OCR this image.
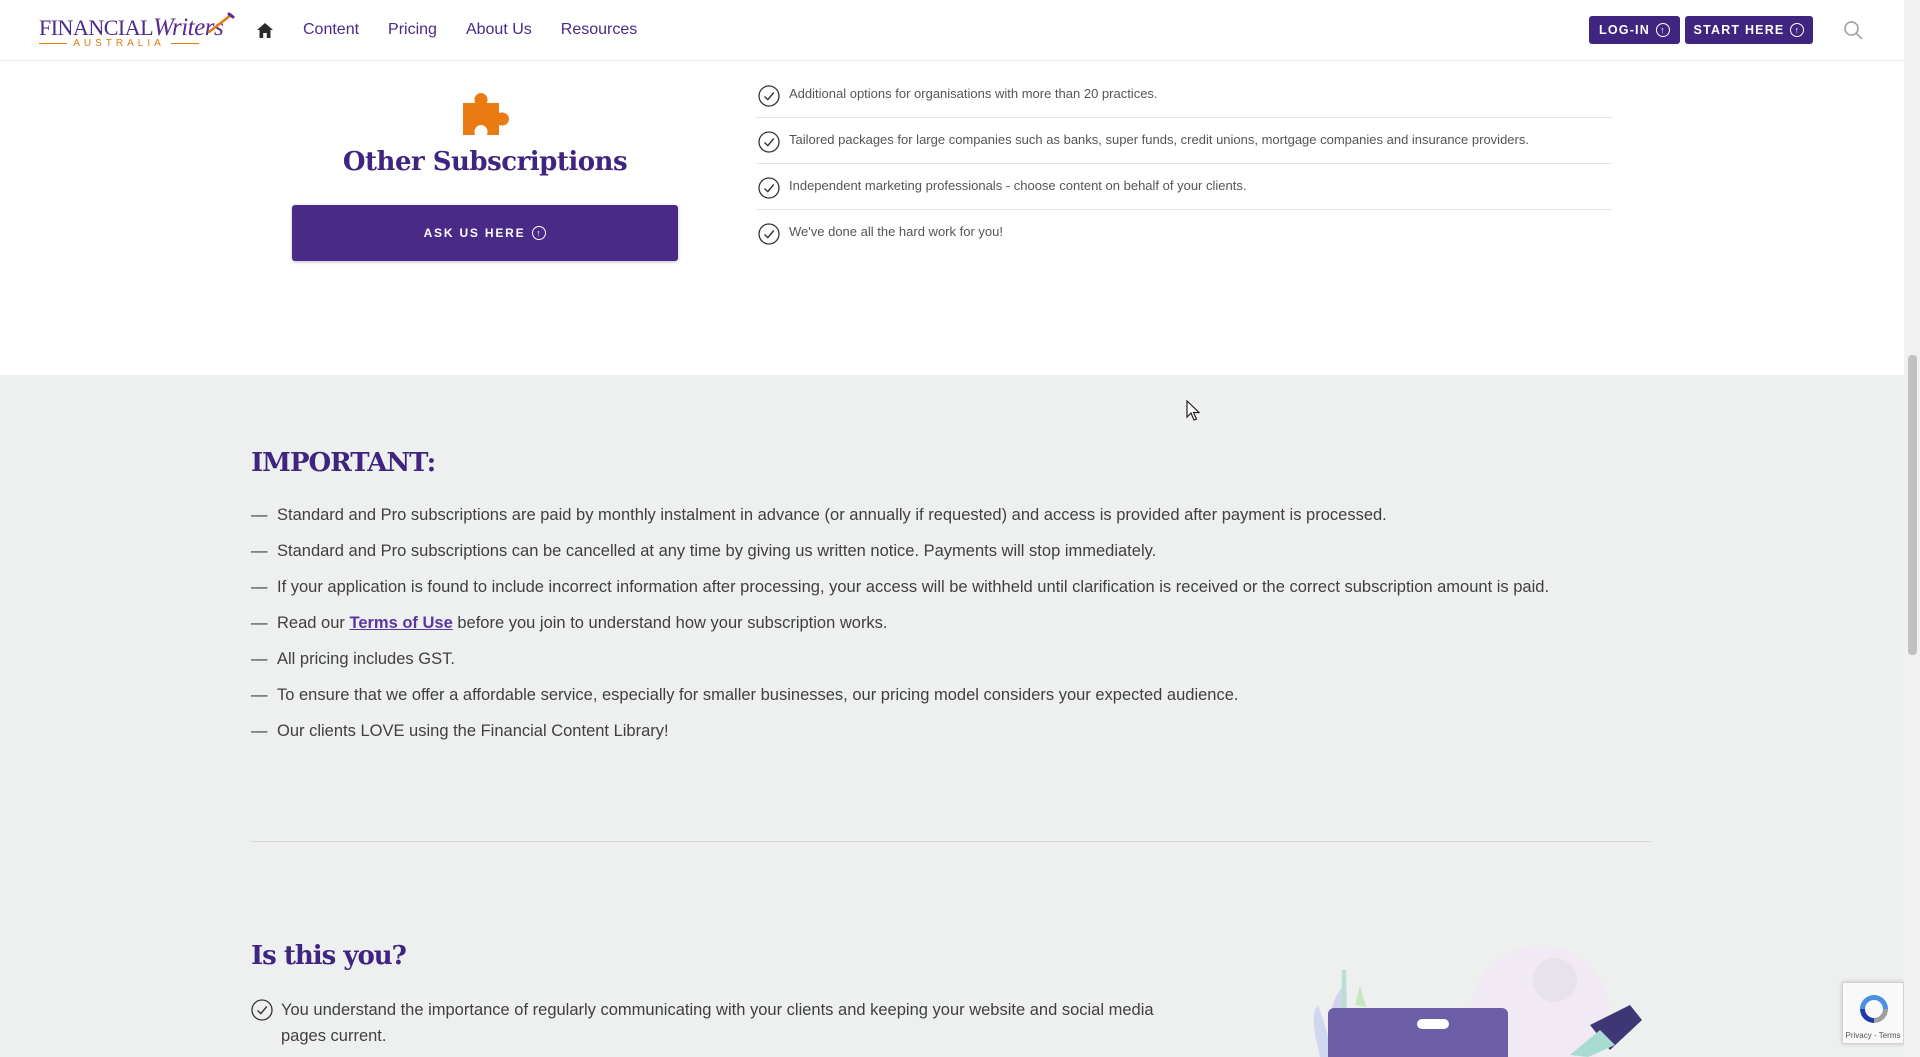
FINANCIALWriters
AUSTRALIA
Content Pricing About Us Resources	LOG-IN	↑	START HERE	↑
Other Subscriptions
ASK US HERE	↑
Additional options for organisations with more than 20 practices.
Tailored packages for large companies such as banks, super funds, credit unions, mortgage companies and insurance providers.
Independent marketing professionals - choose content on behalf of your clients.
We've done all the hard work for you!
IMPORTANT:
— Standard and Pro subscriptions are paid by monthly instalment in advance (or annually if requested) and access is provided after payment is processed.
— Standard and Pro subscriptions can be cancelled at any time by giving us written notice. Payments will stop immediately.
— If your application is found to include incorrect information after processing, your access will be withheld until clarification is received or the correct subscription amount is paid.
— Read our Terms of Use before you join to understand how your subscription works.
— All pricing includes GST.
— To ensure that we offer a affordable service, especially for smaller businesses, our pricing model considers your expected audience.
— Our clients LOVE using the Financial Content Library!
Is this you?
You understand the importance of regularly communicating with your clients and keeping your website and social media pages current.	Privacy - Terms
